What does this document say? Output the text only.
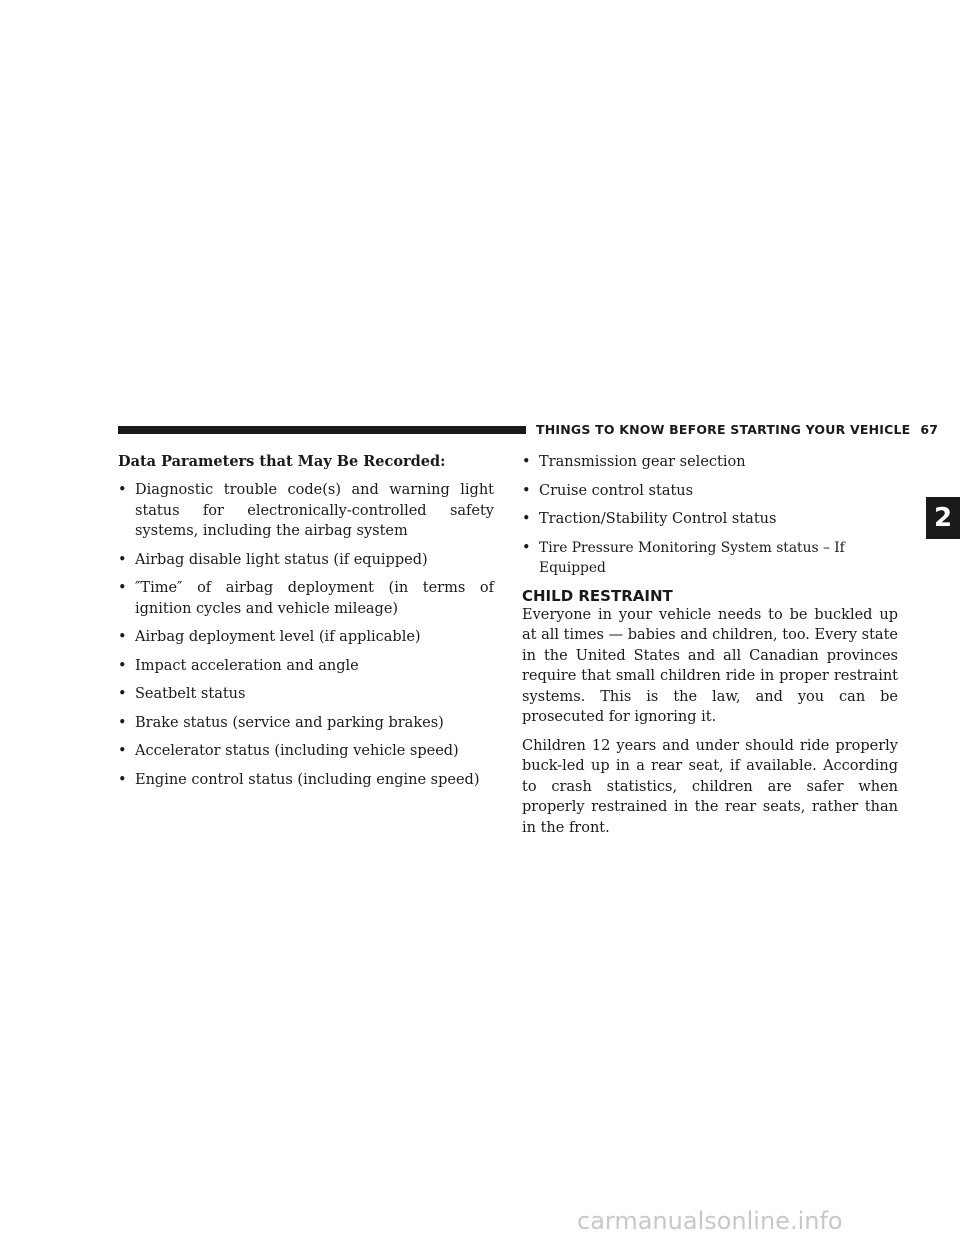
THINGS TO KNOW BEFORE STARTING YOUR VEHICLE 67
2
Data Parameters that May Be Recorded:
• Diagnostic trouble code(s) and warning light status for electronically-controlled safety systems, including the airbag system
• Airbag disable light status (if equipped)
• ″Time″ of airbag deployment (in terms of ignition cycles and vehicle mileage)
• Airbag deployment level (if applicable)
• Impact acceleration and angle
• Seatbelt status
• Brake status (service and parking brakes)
• Accelerator status (including vehicle speed)
• Engine control status (including engine speed)
• Transmission gear selection
• Cruise control status
• Traction/Stability Control status
• Tire Pressure Monitoring System status – If Equipped
CHILD RESTRAINT

Everyone in your vehicle needs to be buckled up at all times — babies and children, too. Every state in the United States and all Canadian provinces require that small children ride in proper restraint systems. This is the law, and you can be prosecuted for ignoring it.

Children 12 years and under should ride properly buck-led up in a rear seat, if available. According to crash statistics, children are safer when properly restrained in the rear seats, rather than in the front.

carmanualsonline.info
